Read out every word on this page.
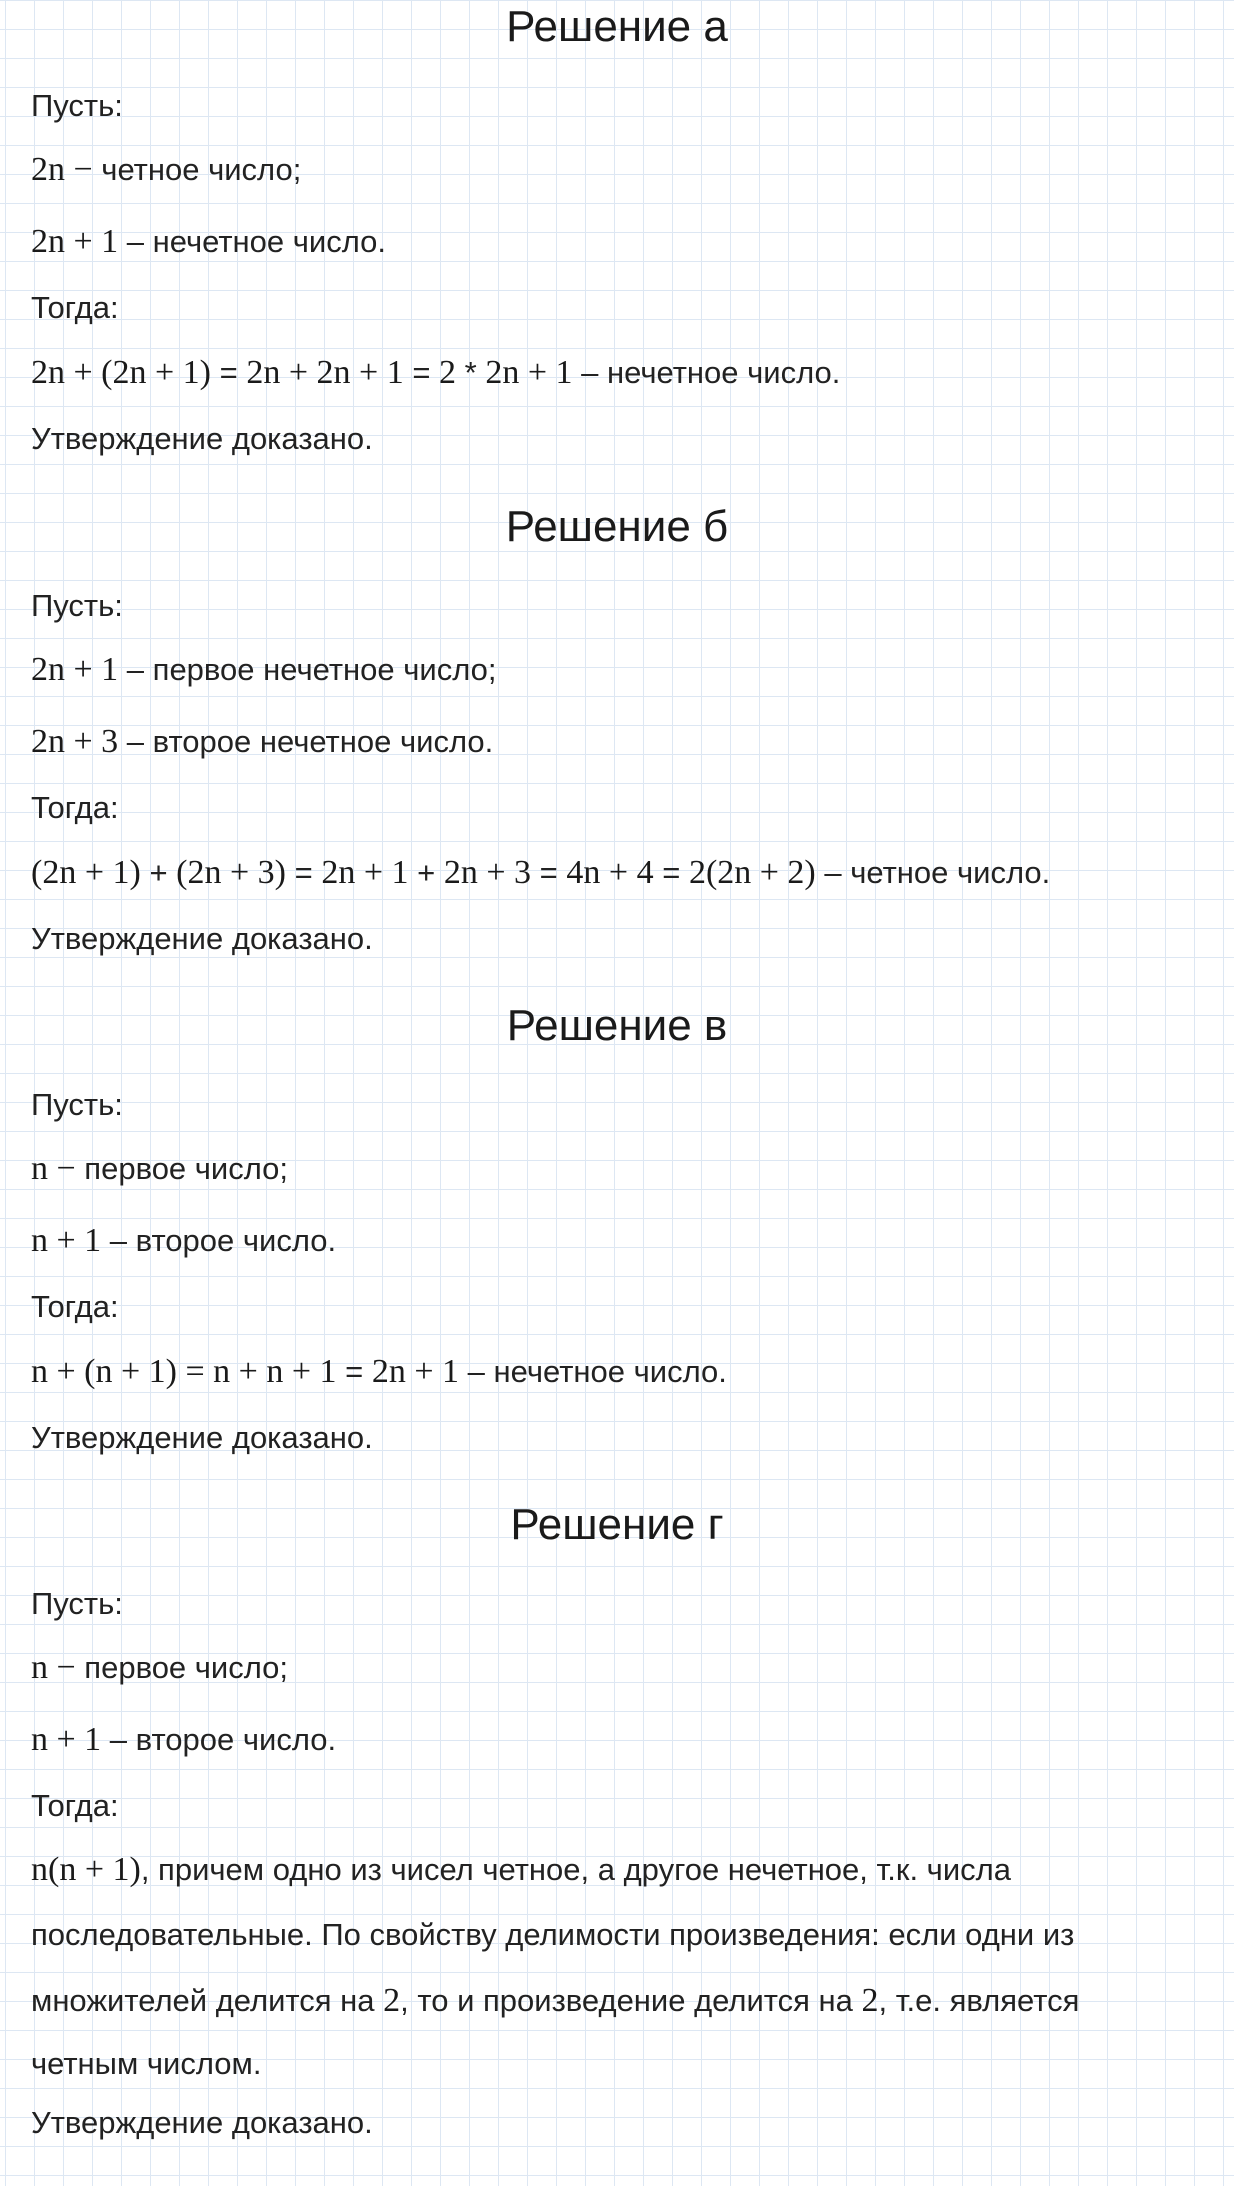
Решение а
Пусть:
2n − четное число;
2n + 1 – нечетное число.
Тогда:
2n + (2n + 1) = 2n + 2n + 1 = 2 * 2n + 1 – нечетное число.
Утверждение доказано.
Решение б
Пусть:
2n + 1 – первое нечетное число;
2n + 3 – второе нечетное число.
Тогда:
(2n + 1) + (2n + 3) = 2n + 1 + 2n + 3 = 4n + 4 = 2(2n + 2) – четное число.
Утверждение доказано.
Решение в
Пусть:
n − первое число;
n + 1 – второе число.
Тогда:
n + (n + 1) = n + n + 1 = 2n + 1 – нечетное число.
Утверждение доказано.
Решение г
Пусть:
n − первое число;
n + 1 – второе число.
Тогда:
n(n + 1), причем одно из чисел четное, а другое нечетное, т.к. числа
последовательные. По свойству делимости произведения: если одни из
множителей делится на 2, то и произведение делится на 2, т.е. является
четным числом.
Утверждение доказано.
